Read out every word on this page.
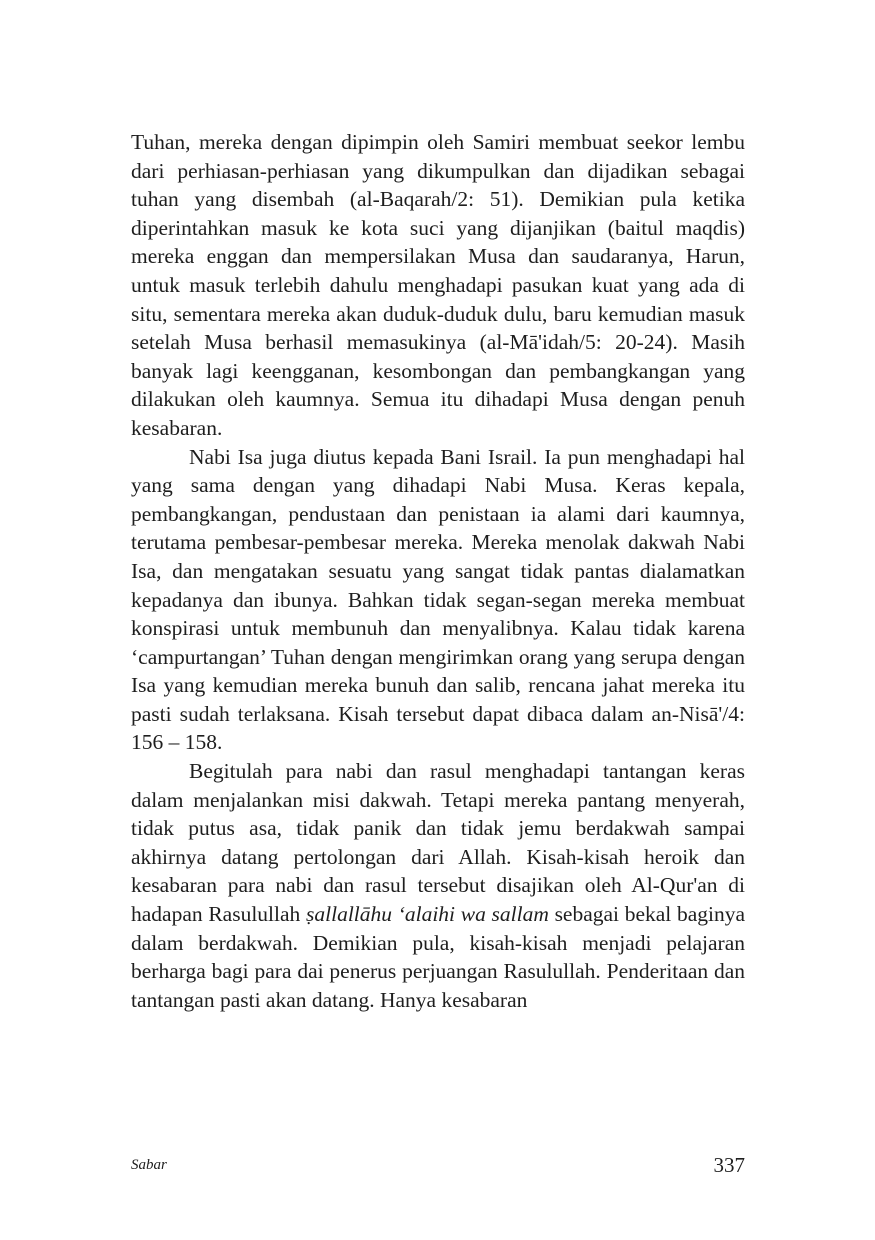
Tuhan, mereka dengan dipimpin oleh Samiri membuat seekor lembu dari perhiasan-perhiasan yang dikumpulkan dan dijadikan sebagai tuhan yang disembah (al-Baqarah/2: 51). Demikian pula ketika diperintahkan masuk ke kota suci yang dijanjikan (baitul maqdis) mereka enggan dan mempersilakan Musa dan saudaranya, Harun, untuk masuk terlebih dahulu menghadapi pasukan kuat yang ada di situ, sementara mereka akan duduk-duduk dulu, baru kemudian masuk setelah Musa berhasil memasukinya (al-Mā'idah/5: 20-24). Masih banyak lagi keengganan, kesombongan dan pembangkangan yang dilakukan oleh kaumnya. Semua itu dihadapi Musa dengan penuh kesabaran.

Nabi Isa juga diutus kepada Bani Israil. Ia pun menghadapi hal yang sama dengan yang dihadapi Nabi Musa. Keras kepala, pembangkangan, pendustaan dan penistaan ia alami dari kaumnya, terutama pembesar-pembesar mereka. Mereka menolak dakwah Nabi Isa, dan mengatakan sesuatu yang sangat tidak pantas dialamatkan kepadanya dan ibunya. Bahkan tidak segan-segan mereka membuat konspirasi untuk membunuh dan menyalibnya. Kalau tidak karena ‘campurtangan’ Tuhan dengan mengirimkan orang yang serupa dengan Isa yang kemudian mereka bunuh dan salib, rencana jahat mereka itu pasti sudah terlaksana. Kisah tersebut dapat dibaca dalam an-Nisā'/4: 156 – 158.

Begitulah para nabi dan rasul menghadapi tantangan keras dalam menjalankan misi dakwah. Tetapi mereka pantang menyerah, tidak putus asa, tidak panik dan tidak jemu berdakwah sampai akhirnya datang pertolongan dari Allah. Kisah-kisah heroik dan kesabaran para nabi dan rasul tersebut disajikan oleh Al-Qur'an di hadapan Rasulullah ṣallallāhu ‘alaihi wa sallam sebagai bekal baginya dalam berdakwah. Demikian pula, kisah-kisah menjadi pelajaran berharga bagi para dai penerus perjuangan Rasulullah. Penderitaan dan tantangan pasti akan datang. Hanya kesabaran

Sabar	337
